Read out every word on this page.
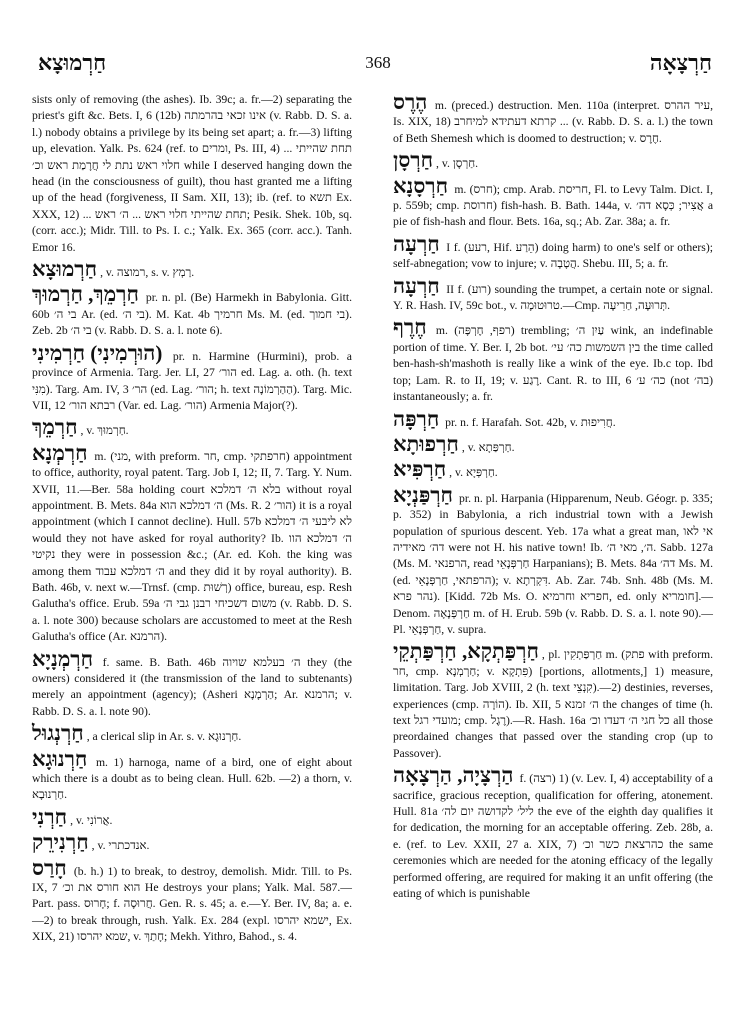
חַרְמוּצָא	368	חַרְצָאָה

sists only of removing (the ashes). Ib. 39c; a. fr.—2) separating the priest's gift &c. Bets. I, 6 (12b) אינו זכאי בהרמתה (v. Rabb. D. S. a. l.) nobody obtains a privilege by its being set apart; a. fr.—3) lifting up, elevation. Yalk. Ps. 624 (ref. to ומרים, Ps. III, 4) ... תחת שהייתי חלוי ראש נתת לי חֲרָמַת ראש וכ׳ while I deserved hanging down the head (in the consciousness of guilt), thou hast granted me a lifting up of the head (forgiveness, II Sam. XII, 13); ib. (ref. to תשא Ex. XXX, 12) ... תחת שהייתי חלוי ראש ... ה׳ ראש; Pesik. Shek. 10b, sq. (corr. acc.); Midr. Till. to Ps. I. c.; Yalk. Ex. 365 (corr. acc.). Tanh. Emor 16.

חַרְמוּצָא , v. רמוצה, s. v. רַמְץ.

חַרְמֵךְ, חַרְמוּךְ pr. n. pl. (Be) Harmekh in Babylonia. Gitt. 60b בי ה׳ Ar. (ed. בי ה׳). M. Kat. 4b חרמיך Ms. M. (ed. בי חמוך). Zeb. 2b בי ה׳ (v. Rabb. D. S. a. l. note 6).

(הוּרְמִינִי) חַרְמִינִי pr. n. Harmine (Hurmini), prob. a province of Armenia. Targ. Jer. LI, 27 הור׳ ed. Lag. a. oth. (h. text מִנִּי). Targ. Am. IV, 3 הר׳ (ed. Lag. הור׳; h. text הַהַרְמוֹנָה). Targ. Mic. VII, 12 רבתא הור׳ (Var. ed. Lag. הור׳) Armenia Major(?).

חַרְמֵךְ , v. חַרְמוּךְ.

חַרְמְנָא m. (מני, with preform. חר, cmp. חרפתקי) appointment to office, authority, royal patent. Targ. Job I, 12; II, 7. Targ. Y. Num. XVII, 11.—Ber. 58a holding court בלא ה׳ דמלכא without royal appointment. B. Mets. 84a ה׳ דמלכא הוא (Ms. R. 2 הור׳) it is a royal appointment (which I cannot decline). Hull. 57b לא ליבעי ה׳ דמלכא would they not have asked for royal authority? Ib. ה׳ דמלכא הוו נקיטי they were in possession &c.; (Ar. ed. Koh. the king was among them ה׳ דמלכא עבוד and they did it by royal authority). B. Bath. 46b, v. next w.—Trnsf. (cmp. רְשׁוּת) office, bureau, esp. Resh Galutha's office. Erub. 59a משום דשכיחי רבנן גבי ה׳ (v. Rabb. D. S. a. l. note 300) because scholars are accustomed to meet at the Resh Galutha's office (Ar. הרמנא).

חַרְמְנָיָא f. same. B. Bath. 46b ה׳ בעלמא שויוה they (the owners) considered it (the transmission of the land to subtenants) merely an appointment (agency); (Asheri הַרְמָנָא; Ar. הרמנא; v. Rabb. D. S. a. l. note 90).

חַרְנְגוּל , a clerical slip in Ar. s. v. חַרְנוּגָא.

חַרְנוּגָא m. 1) harnoga, name of a bird, one of eight about which there is a doubt as to being clean. Hull. 62b. —2) a thorn, v. חַרְנוּבָא.

חַרְנִי , v. אֲרוֹנִי.

חַרְנִירֵק , v. אנדכתרי.

חָרַס (b. h.) 1) to break, to destroy, demolish. Midr. Till. to Ps. IX, 7 הוא חורס את וכ׳ He destroys your plans; Yalk. Mal. 587.—Part. pass. חָרוּס; f. חֲרוּסָה. Gen. R. s. 45; a. e.—Y. Ber. IV, 8a; a. e.—2) to break through, rush. Yalk. Ex. 284 (expl. ישמא יהרסו, Ex. XIX, 21) שמא יהרסו, v. חָתַךְ; Mekh. Yithro, Bahod., s. 4.

הֶרֶס m. (preced.) destruction. Men. 110a (interpret. עיר ההרס, Is. XIX, 18) קרתא דעתידא למיחרב ... (v. Rabb. D. S. a. l.) the town of Beth Shemesh which is doomed to destruction; v. חֶרֶס.

חַרְסָן , v. חַרְסָן.

חַרְסָנָא m. (חרס); cmp. Arab. חריסת, Fl. to Levy Talm. Dict. I, p. 559b; cmp. חרוסת) fish-hash. B. Bath. 144a, v. אֲצִיר; כְּסָא דה׳ a pie of fish-hash and flour. Bets. 16a, sq.; Ab. Zar. 38a; a. fr.

חַרְעָה I f. (רעע, Hif. הֵרַע) doing harm) to one's self or others); self-abnegation; vow to injure; v. הֲטָבָה. Shebu. III, 5; a. fr.

חַרְעָה II f. (רוע) sounding the trumpet, a certain note or signal. Y. R. Hash. IV, 59c bot., v. טרוּטוּמָה.—Cmp. תְּרוּעָה, חַרִיעָה.

חֶרֶף m. (רפף, חֶרְפָּה) trembling; עַיִן ה׳ wink, an indefinable portion of time. Y. Ber. I, 2b bot. בין השמשות כה׳ עי׳ the time called ben-hash-sh'mashoth is really like a wink of the eye. Ib.c top. Ibd top; Lam. R. to II, 19; v. רֶגַע. Cant. R. to III, 6 כה׳ ע׳ (not בה׳) instantaneously; a. fr.

חַרְפָּה pr. n. f. Harafah. Sot. 42b, v. חֲרִיפוּת.

חַרְפוּתָא , v. חַרְפַּתָא.

חַרְפִּיא , v. חַרְפְּיָא.

חַרְפַּנְיָא pr. n. pl. Harpania (Hipparenum, Neub. Géogr. p. 335; p. 352) in Babylonia, a rich industrial town with a Jewish population of spurious descent. Yeb. 17a what a great man, אי לאו דה׳ מאידיה were not H. his native town! Ib. ה׳, מאי ה׳. Sabb. 127a (Ms. M. הרפנאי, read חַרְפְּנָאֵי Harpanians); B. Mets. 84a דה׳ Ms. M. (ed. הרפתאי, חַרְפְּנָאֵי); v. דִּקְרְתָא. Ab. Zar. 74b. Snh. 48b (Ms. M. נהר פרא). [Kidd. 72b Ms. O. חפריא וחרמיא, ed. only חומריא].—Denom. חַרְפְּנָאָה m. of H. Erub. 59b (v. Rabb. D. S. a. l. note 90).—Pl. חַרְפְּנָאֵי, v. supra.

חַרְפַּתְקָא, חַרְפַּתְקֵי , pl. חַרְפַּתְקִין m. (פתק with preform. חר, cmp. חַרְמְנָא; v. פִּתְקָא) [portions, allotments,] 1) measure, limitation. Targ. Job XVIII, 2 (h. text קִנְצֵי).—2) destinies, reverses, experiences (cmp. הוֹרָה). Ib. XII, 5 ה׳ זמנא the changes of time (h. text מועדי רגל; cmp. רֶגֶל).—R. Hash. 16a כל חגי ה׳ דעדו וכ׳ all those preordained changes that passed over the standing crop (up to Passover).

הַרְצָיָה, הַרְצָאָה f. (רצה) 1) (v. Lev. I, 4) acceptability of a sacrifice, gracious reception, qualification for offering, atonement. Hull. 81a ליל׳ לקדושה יום לה׳ the eve of the eighth day qualifies it for dedication, the morning for an acceptable offering. Zeb. 28b, a. e. (ref. to Lev. XXII, 27 a. XIX, 7) כהרצאת כשר וכ׳ the same ceremonies which are needed for the atoning efficacy of the legally performed offering, are required for making it an unfit offering (the eating of which is punishable
